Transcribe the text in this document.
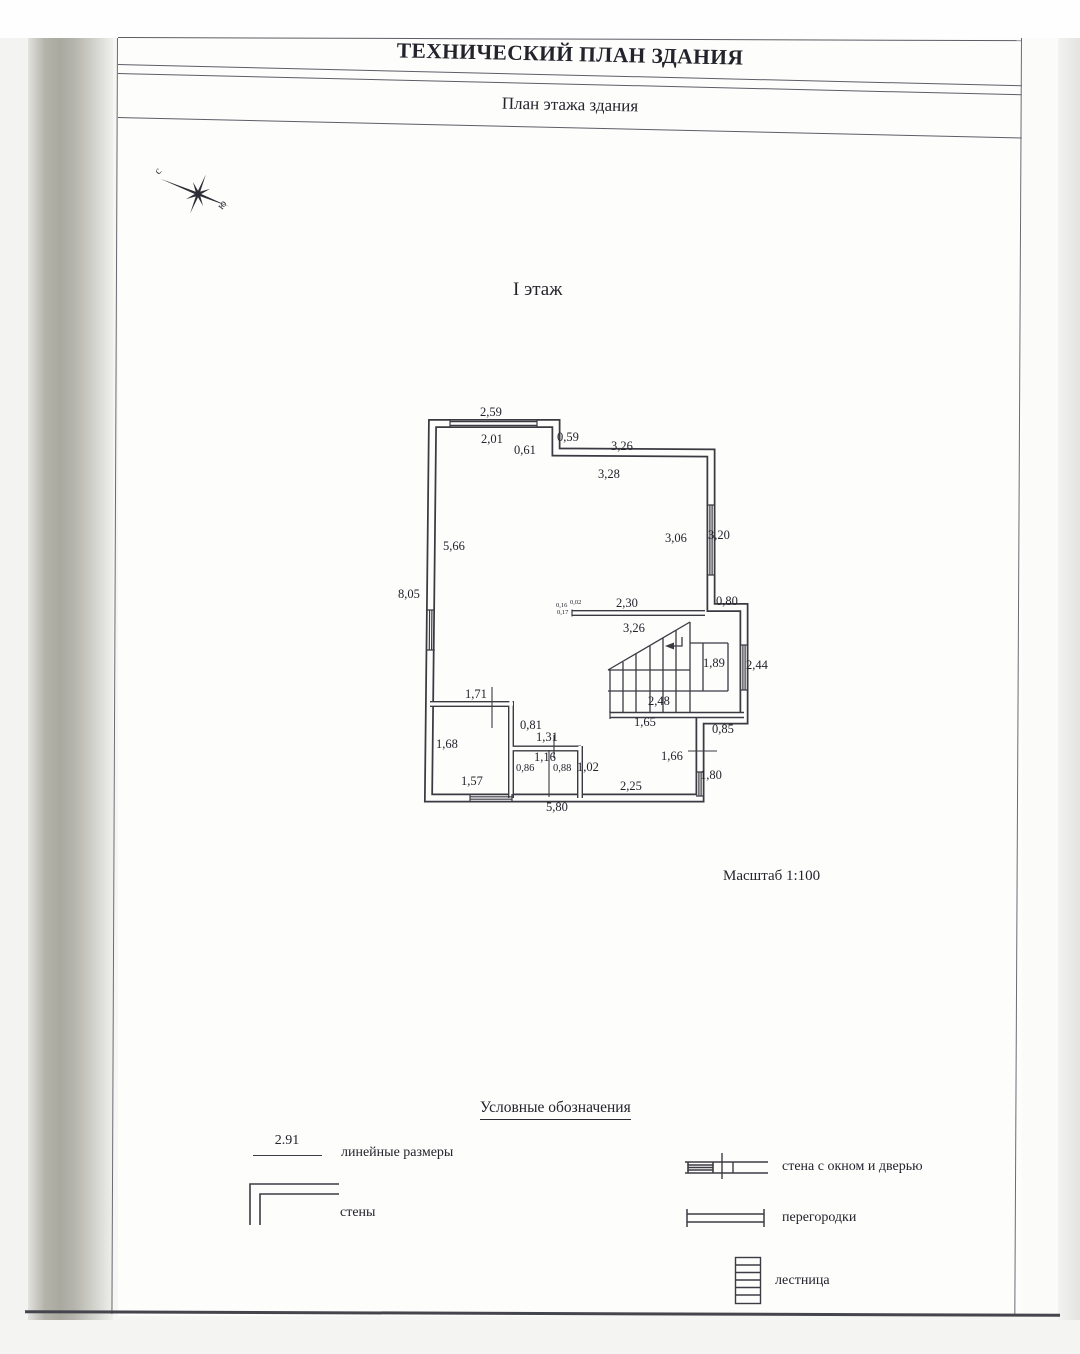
ТЕХНИЧЕСКИЙ ПЛАН ЗДАНИЯ
План этажа здания
I этаж
Масштаб 1:100
с
ю
2,59
2,01
0,61
0,59
3,26
3,28
3,06 3,20
5,66
8,05
2,30	0,80
0,16 0,02
0,17
3,26
1,89 2,44
2,48
1,65	0,85
1,71
1,68
0,81
1,31
1,16
0,86 0,88 1,02
1,57
1,66
1,80
2,25
5,80
Условные обозначения
2.91
линейные размеры
стены
стена с окном и дверью
перегородки
лестница
